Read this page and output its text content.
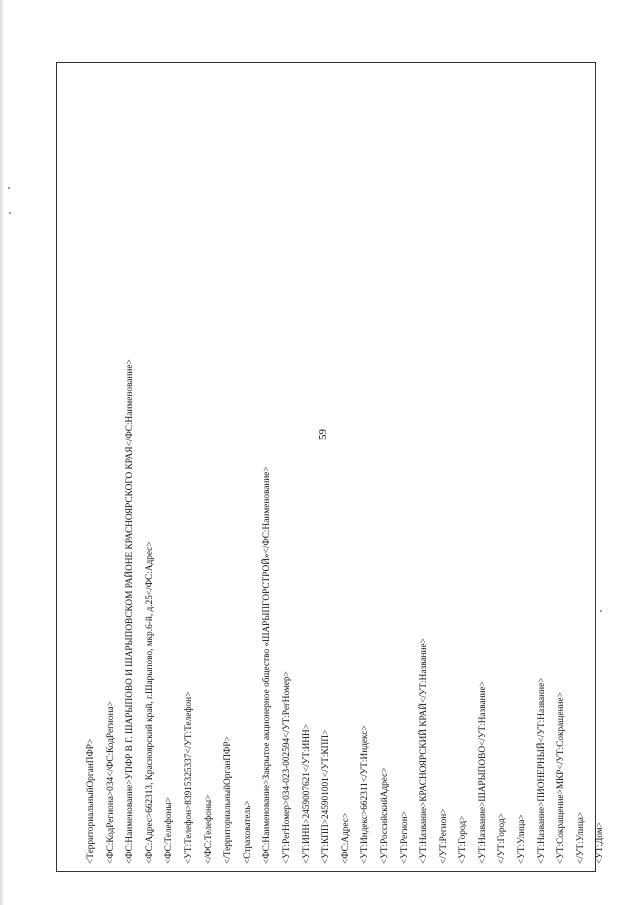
59
<ТерриториальныйОрганПФР>	<ФС:КодРегиона>034</ФС:КодРегиона>	<ФС:Наименование>УПФР В Г. ШАРЫПОВО И ШАРЫПОВСКОМ РАЙОНЕ КРАСНОЯРСКОГО КРАЯ</ФС:Наименование>	<ФС:Адрес>662313, Красноярский край, г.Шарыпово, мкр.6-й, д.25</ФС:Адрес>	<ФС:Телефоны>	<УТ:Телефон>83915325337</УТ:Телефон>	</ФС:Телефоны>	</ТерриториальныйОрганПФР>	<Страхователь>	<ФС:Наименование>Закрытое акционерное общество «ШАРЫПГОРСТРОЙ»</ФС:Наименование>	<УТ:РегНомер>034-023-002594</УТ:РегНомер>	<УТ:ИНН>2459007621</УТ:ИНН>	<УТ:КПП>245901001</УТ:КПП>	<ФС:Адрес>	<УТ:Индекс>662311</УТ:Индекс>	<УТ:РоссийскийАдрес>	<УТ:Регион>	<УТ:Название>КРАСНОЯРСКИЙ КРАЙ</УТ:Название>	</УТ:Регион>	<УТ:Город>	<УТ:Название>ШАРЫПОВО</УТ:Название>	</УТ:Город>	<УТ:Улица>	<УТ:Название>ПИОНЕРНЫЙ</УТ:Название>	<УТ:Сокращение>МКР</УТ:Сокращение>	</УТ:Улица>	<УТ:Дом>
